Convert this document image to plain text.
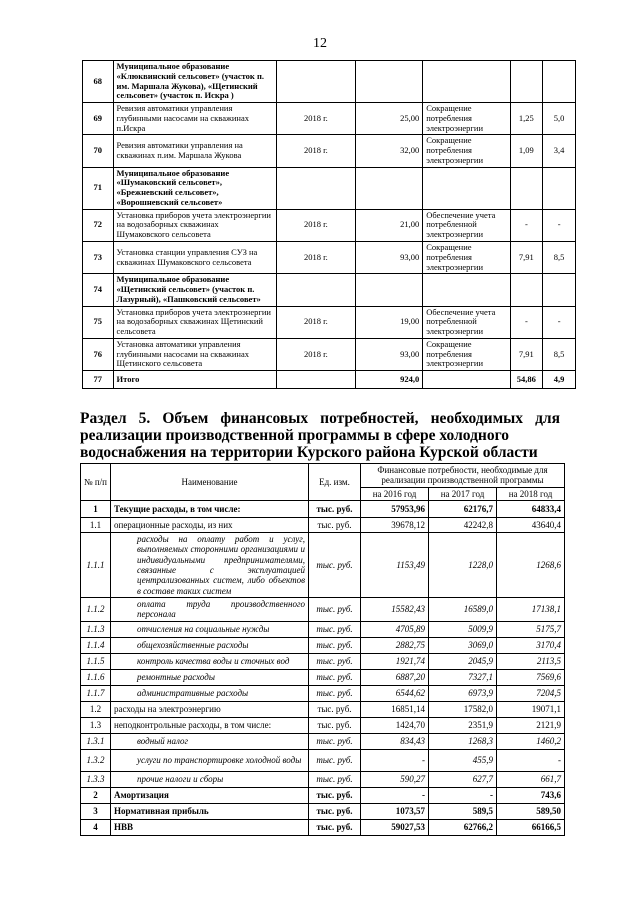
12
68	Муниципальное образование «Клюквинский сельсовет» (участок п. им. Маршала Жукова), «Щетинский сельсовет» (участок п. Искра )					
69	Ревизия автоматики управления глубинными насосами на скважинах п.Искра	2018 г.	25,00	Сокращение потребления электроэнергии	1,25	5,0
70	Ревизия автоматики управления на скважинах п.им. Маршала Жукова	2018 г.	32,00	Сокращение потребления электроэнергии	1,09	3,4
71	Муниципальное образование «Шумаковский сельсовет», «Брежневский сельсовет», «Ворошневский сельсовет»					
72	Установка приборов учета электроэнергии на водозаборных скважинах Шумаковского сельсовета	2018 г.	21,00	Обеспечение учета потребленной электроэнергии	-	-
73	Установка станции управления СУЗ на скважинах Шумаковского сельсовета	2018 г.	93,00	Сокращение потребления электроэнергии	7,91	8,5
74	Муниципальное образование «Щетинский сельсовет» (участок п. Лазурный), «Пашковский сельсовет»					
75	Установка приборов учета электроэнергии на водозаборных скважинах Щетинский сельсовета	2018 г.	19,00	Обеспечение учета потребленной электроэнергии	-	-
76	Установка автоматики управления глубинными насосами на скважинах Щетинского сельсовета	2018 г.	93,00	Сокращение потребления электроэнергии	7,91	8,5
77	Итого		924,0		54,86	4,9
Раздел 5. Объем финансовых потребностей, необходимых для реализации производственной программы в сфере холодного
водоснабжения на территории Курского района Курской области
№ п/п	Наименование	Ед. изм.	Финансовые потребности, необходимые для реализации производственной программы		
			на 2016 год	на 2017 год	на 2018 год
1	Текущие расходы, в том числе:	тыс. руб.	57953,96	62176,7	64833,4
1.1	операционные расходы, из них	тыс. руб.	39678,12	42242,8	43640,4
1.1.1	расходы на оплату работ и услуг, выполняемых сторонними организациями и индивидуальными предпринимателями, связанные с эксплуатацией централизованных систем, либо объектов в составе таких систем	тыс. руб.	1153,49	1228,0	1268,6
1.1.2	оплата труда производственного персонала	тыс. руб.	15582,43	16589,0	17138,1
1.1.3	отчисления на социальные нужды	тыс. руб.	4705,89	5009,9	5175,7
1.1.4	общехозяйственные расходы	тыс. руб.	2882,75	3069,0	3170,4
1.1.5	контроль качества воды и сточных вод	тыс. руб.	1921,74	2045,9	2113,5
1.1.6	ремонтные расходы	тыс. руб.	6887,20	7327,1	7569,6
1.1.7	административные расходы	тыс. руб.	6544,62	6973,9	7204,5
1.2	расходы на электроэнергию	тыс. руб.	16851,14	17582,0	19071,1
1.3	неподконтрольные расходы, в том числе:	тыс. руб.	1424,70	2351,9	2121,9
1.3.1	водный налог	тыс. руб.	834,43	1268,3	1460,2
1.3.2	услуги по транспортировке холодной воды	тыс. руб.	-	455,9	-
1.3.3	прочие налоги и сборы	тыс. руб.	590,27	627,7	661,7
2	Амортизация	тыс. руб.	-	-	743,6
3	Нормативная прибыль	тыс. руб.	1073,57	589,5	589,50
4	НВВ	тыс. руб.	59027,53	62766,2	66166,5
